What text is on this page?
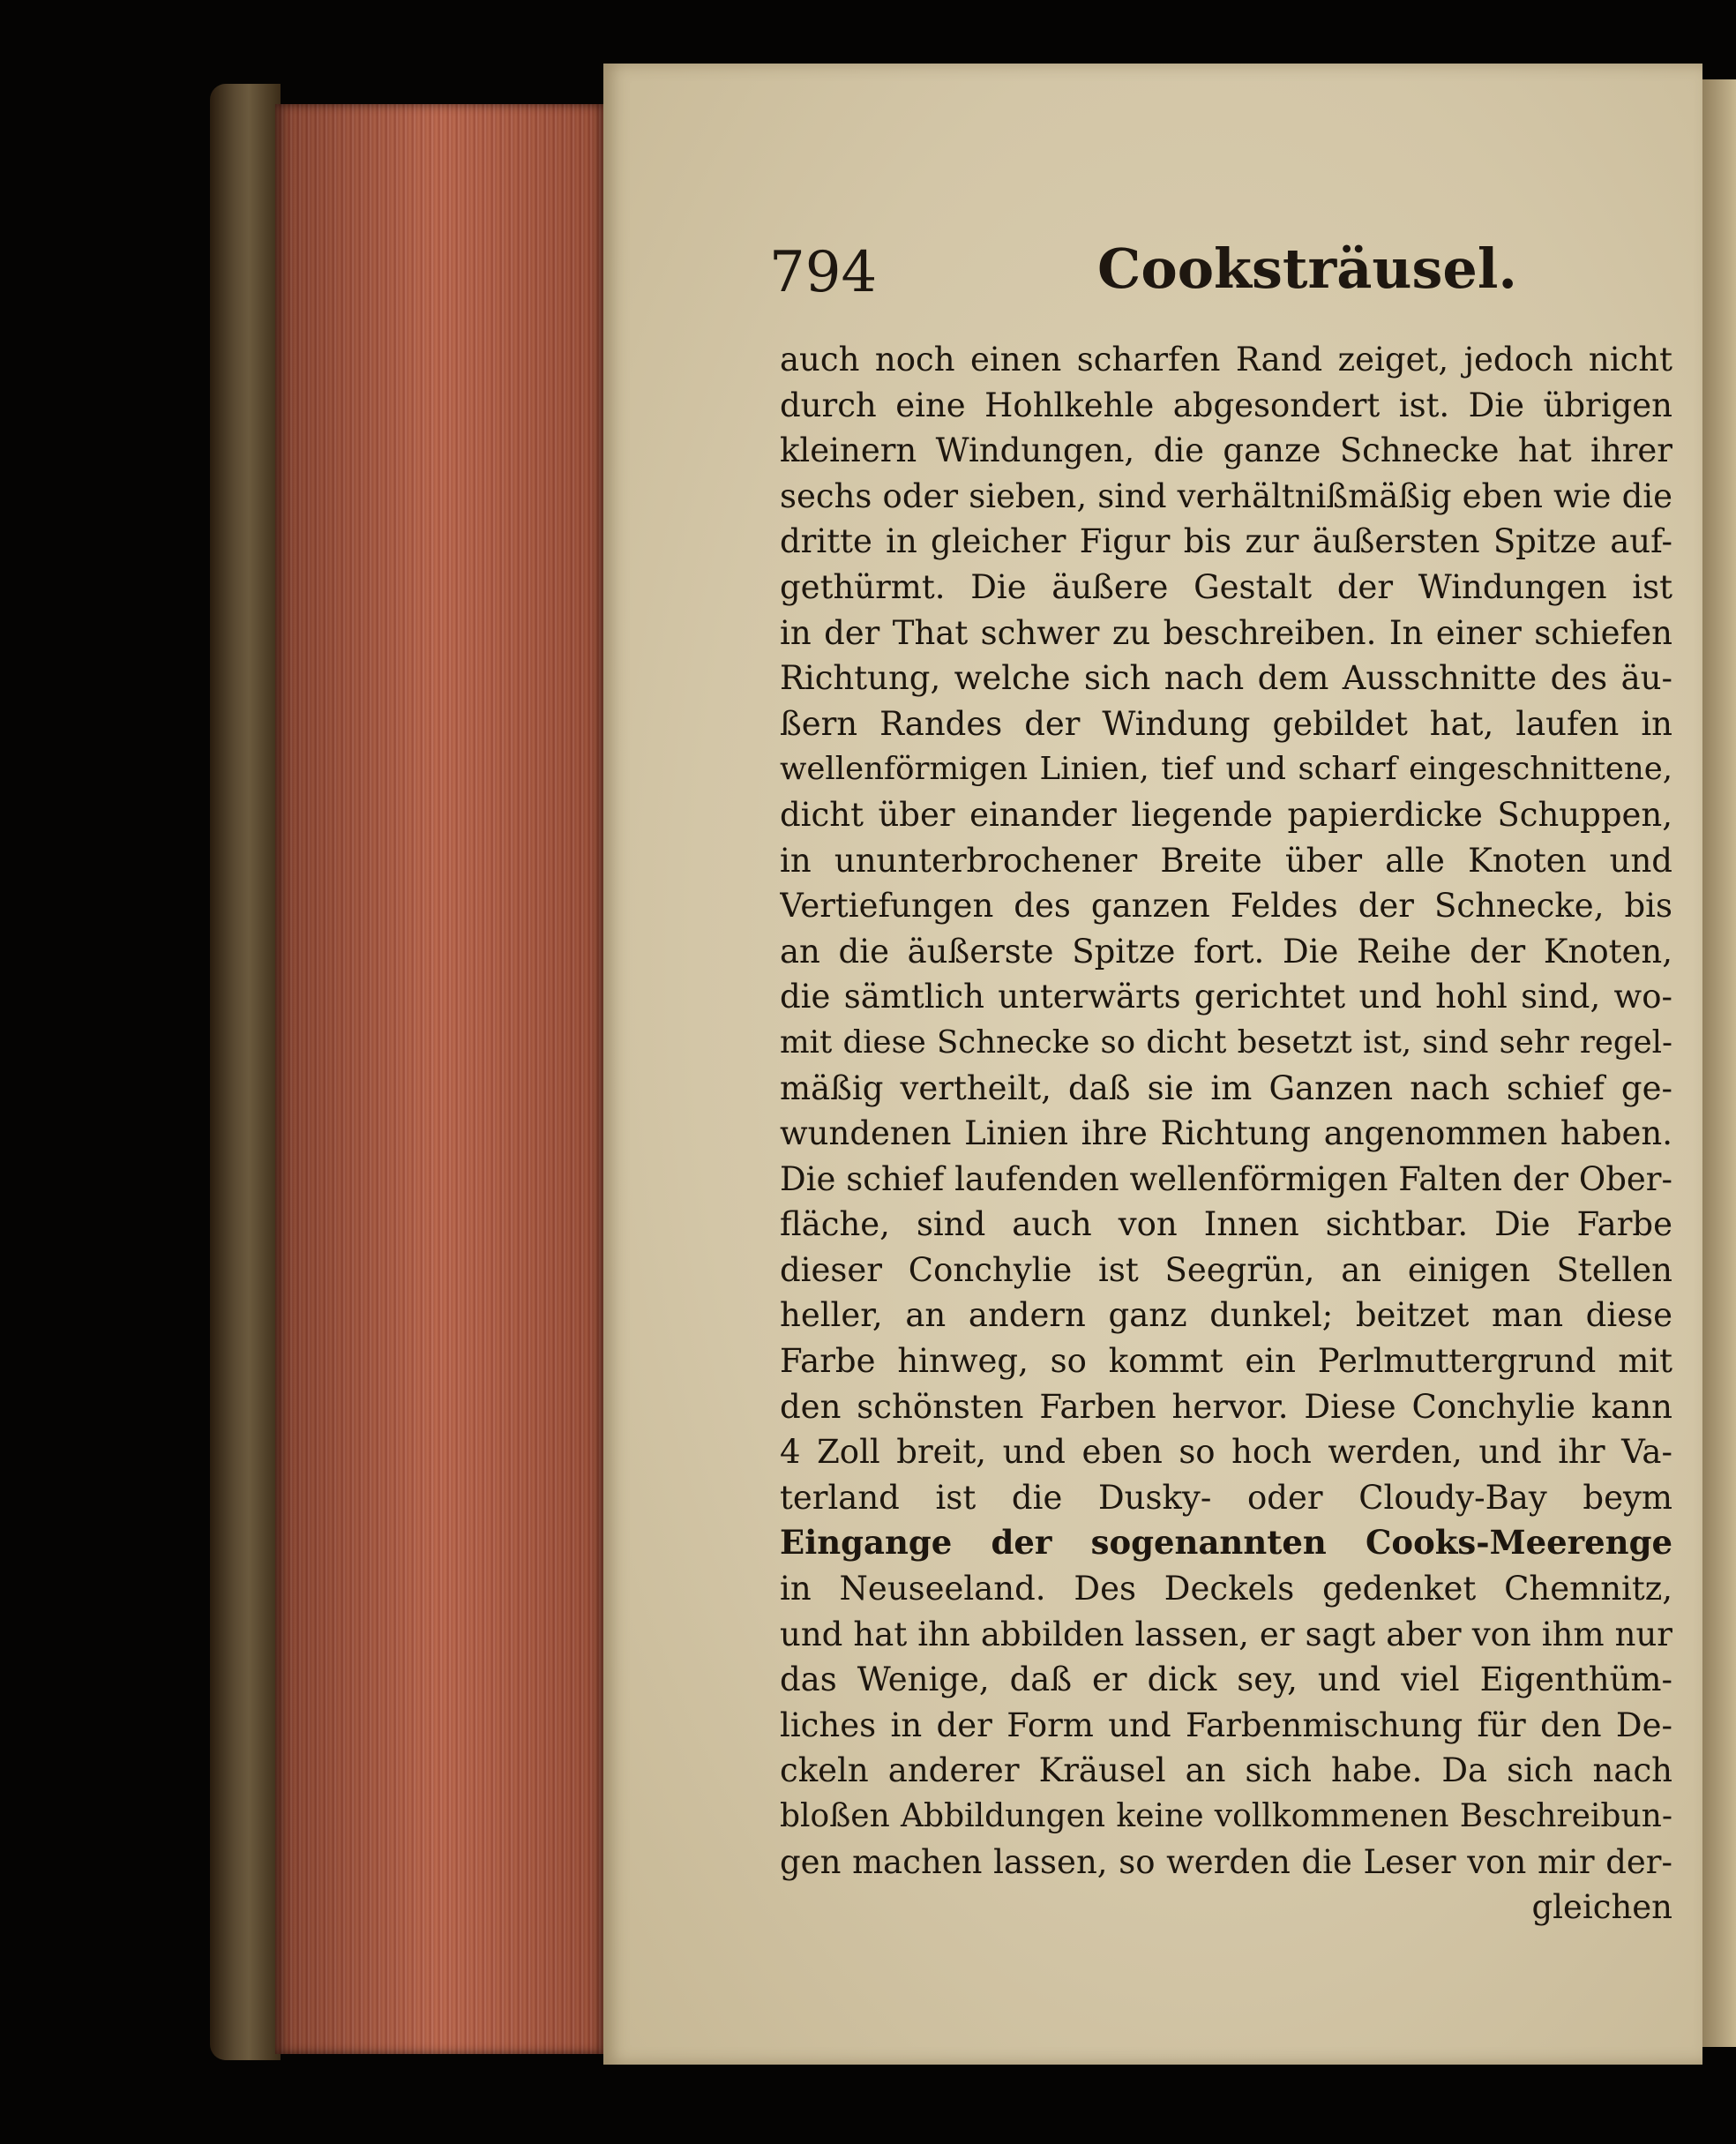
794	Cooksträusel.
auch noch einen scharfen Rand zeiget, jedoch nicht
durch eine Hohlkehle abgesondert ist. Die übrigen
kleinern Windungen, die ganze Schnecke hat ihrer
sechs oder sieben, sind verhältnißmäßig eben wie die
dritte in gleicher Figur bis zur äußersten Spitze auf-
gethürmt. Die äußere Gestalt der Windungen ist
in der That schwer zu beschreiben. In einer schiefen
Richtung, welche sich nach dem Ausschnitte des äu-
ßern Randes der Windung gebildet hat, laufen in
wellenförmigen Linien, tief und scharf eingeschnittene,
dicht über einander liegende papierdicke Schuppen,
in ununterbrochener Breite über alle Knoten und
Vertiefungen des ganzen Feldes der Schnecke, bis
an die äußerste Spitze fort. Die Reihe der Knoten,
die sämtlich unterwärts gerichtet und hohl sind, wo-
mit diese Schnecke so dicht besetzt ist, sind sehr regel-
mäßig vertheilt, daß sie im Ganzen nach schief ge-
wundenen Linien ihre Richtung angenommen haben.
Die schief laufenden wellenförmigen Falten der Ober-
fläche, sind auch von Innen sichtbar. Die Farbe
dieser Conchylie ist Seegrün, an einigen Stellen
heller, an andern ganz dunkel; beitzet man diese
Farbe hinweg, so kommt ein Perlmuttergrund mit
den schönsten Farben hervor. Diese Conchylie kann
4 Zoll breit, und eben so hoch werden, und ihr Va-
terland ist die Dusky- oder Cloudy-Bay beym
Eingange der sogenannten Cooks-Meerenge
in Neuseeland. Des Deckels gedenket Chemnitz,
und hat ihn abbilden lassen, er sagt aber von ihm nur
das Wenige, daß er dick sey, und viel Eigenthüm-
liches in der Form und Farbenmischung für den De-
ckeln anderer Kräusel an sich habe. Da sich nach
bloßen Abbildungen keine vollkommenen Beschreibun-
gen machen lassen, so werden die Leser von mir der-
gleichen
